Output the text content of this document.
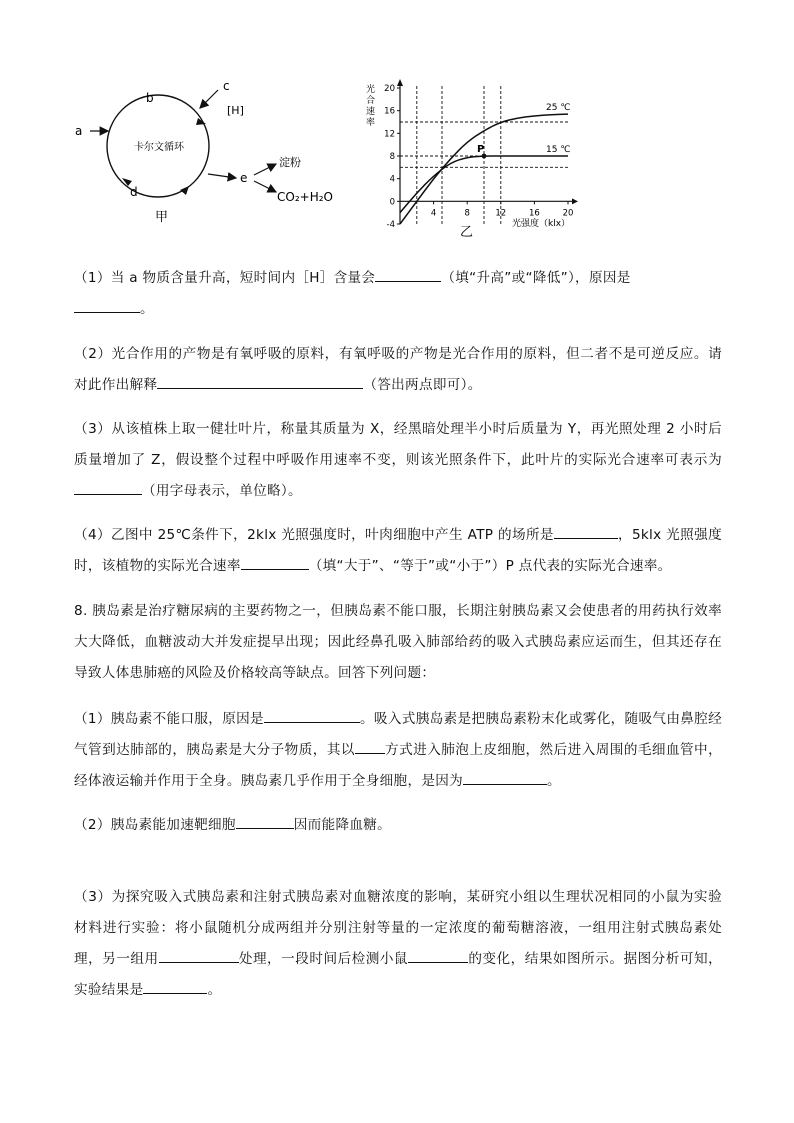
a
b
c
[H]
卡尔文循环
d
e
淀粉
CO₂+H₂O
甲
光
合
速
率
25 ℃
15 ℃
20
16
12
8
4
0
-4
4	8	12	16	20
P
光强度（klx）
乙
（1）当 a 物质含量升高，短时间内［H］含量会	（填“升高”或“降低”），原因是
。
（2）光合作用的产物是有氧呼吸的原料，有氧呼吸的产物是光合作用的原料，但二者不是可逆反应。请对此作出解释	（答出两点即可）。
（3）从该植株上取一健壮叶片，称量其质量为 X，经黑暗处理半小时后质量为 Y，再光照处理 2 小时后质量增加了 Z，假设整个过程中呼吸作用速率不变，则该光照条件下，此叶片的实际光合速率可表示为（用字母表示，单位略）。
（4）乙图中 25℃条件下，2klx 光照强度时，叶肉细胞中产生 ATP 的场所是	，5klx 光照强度时，该植物的实际光合速率	（填“大于”、“等于”或“小于”）P 点代表的实际光合速率。
8. 胰岛素是治疗糖尿病的主要药物之一，但胰岛素不能口服，长期注射胰岛素又会使患者的用药执行效率大大降低，血糖波动大并发症提早出现；因此经鼻孔吸入肺部给药的吸入式胰岛素应运而生，但其还存在导致人体患肺癌的风险及价格较高等缺点。回答下列问题：
（1）胰岛素不能口服，原因是	。吸入式胰岛素是把胰岛素粉末化或雾化，随吸气由鼻腔经气管到达肺部的，胰岛素是大分子物质，其以 方式进入肺泡上皮细胞，然后进入周围的毛细血管中，经体液运输并作用于全身。胰岛素几乎作用于全身细胞，是因为	。
（2）胰岛素能加速靶细胞	因而能降血糖。
（3）为探究吸入式胰岛素和注射式胰岛素对血糖浓度的影响，某研究小组以生理状况相同的小鼠为实验材料进行实验：将小鼠随机分成两组并分别注射等量的一定浓度的葡萄糖溶液，一组用注射式胰岛素处理，另一组用	处理，一段时间后检测小鼠	的变化，结果如图所示。据图分析可知，实验结果是	。
